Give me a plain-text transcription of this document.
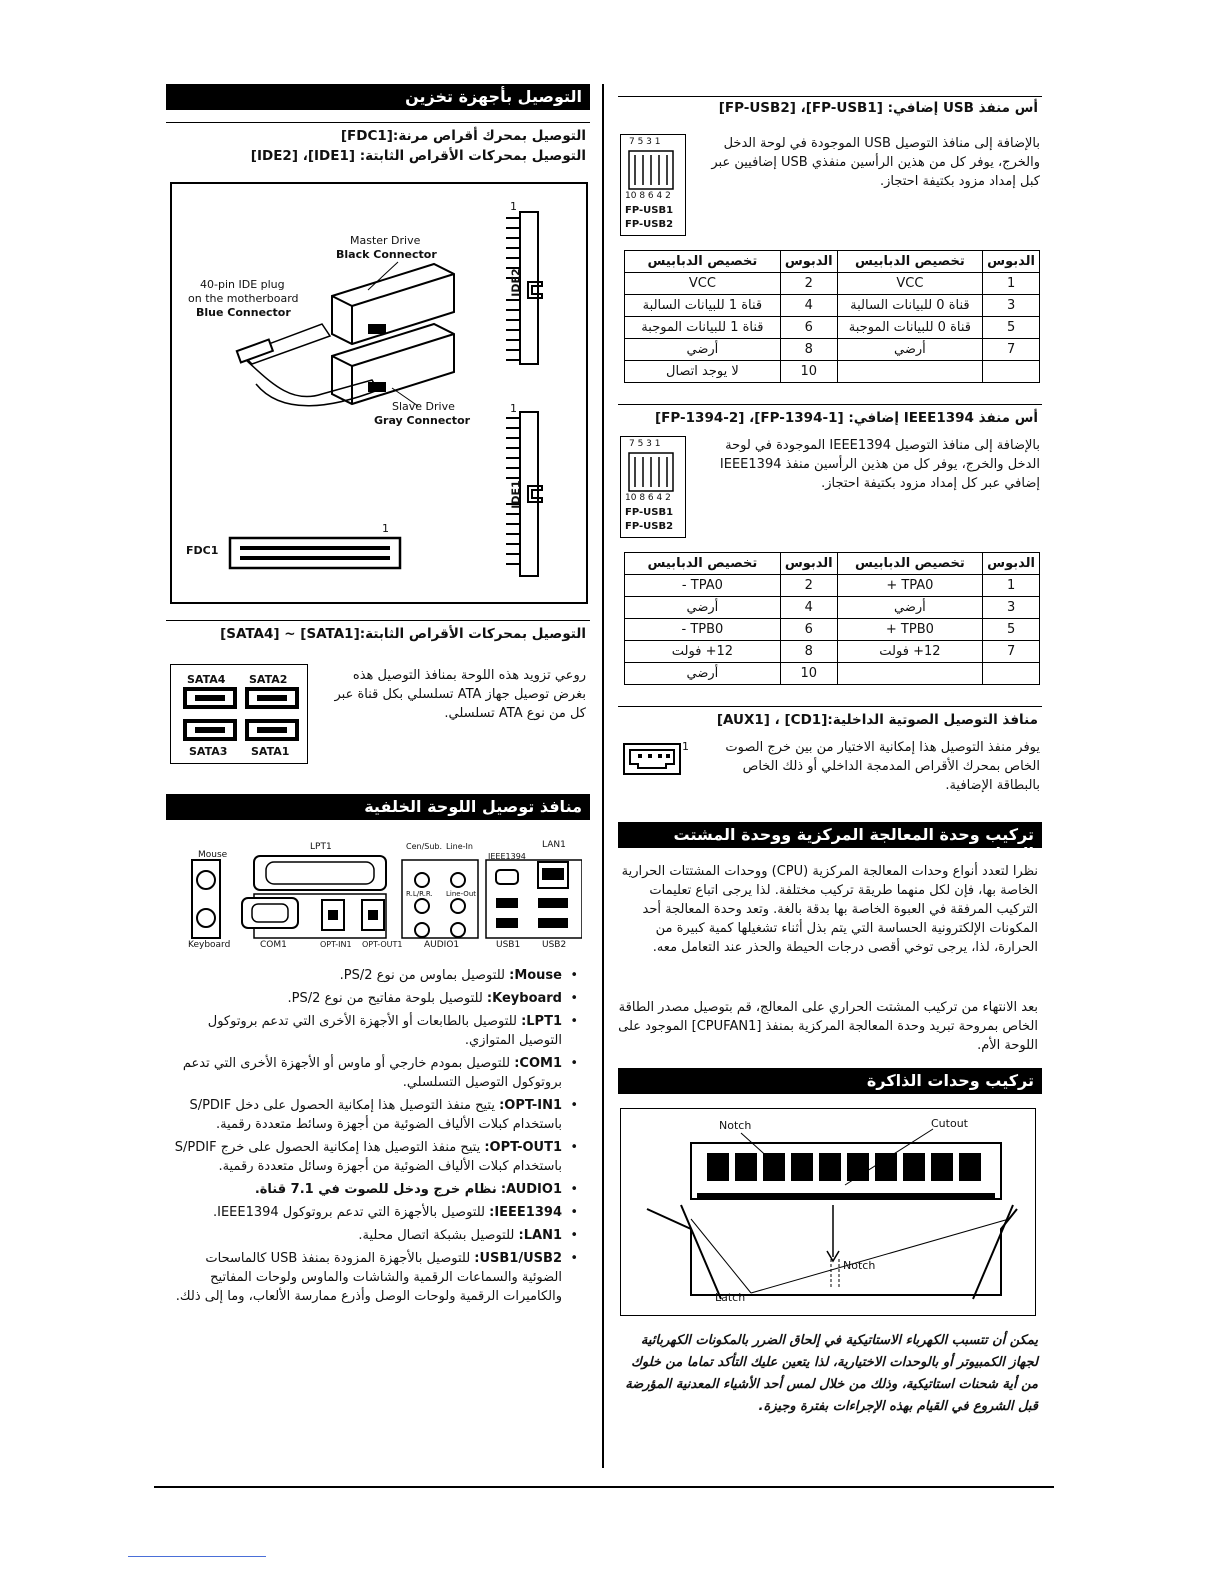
التوصيل بأجهزة تخزين
التوصيل بمحرك أقراص مرنة:[FDC1]
التوصيل بمحركات الأقراص الثابتة: [IDE1]، [IDE2]
Master Drive
Black Connector
40-pin IDE plug
on the motherboard
Blue Connector
Slave Drive
Gray Connector
IDE2
IDE1
FDC1
1
1
1
التوصيل بمحركات الأقراص الثابتة:[SATA1] ~ [SATA4]
SATA4 SATA2
SATA3 SATA1
روعي تزويد هذه اللوحة بمنافذ التوصيل هذه بغرض توصيل جهاز ATA تسلسلي بكل قناة عبر كل من نوع ATA تسلسلي.
منافذ توصيل اللوحة الخلفية
Mouse
LPT1	Cen/Sub. Line-In
IEEE1394
LAN1
Keyboard	COM1	OPT-IN1 OPT-OUT1 AUDIO1	USB1 USB2
R.L/R.R. Line-Out
• Mouse: للتوصيل بماوس من نوع PS/2.
• Keyboard: للتوصيل بلوحة مفاتيح من نوع PS/2.
• LPT1: للتوصيل بالطابعات أو الأجهزة الأخرى التي تدعم بروتوكول التوصيل المتوازي.
• COM1: للتوصيل بمودم خارجي أو ماوس أو الأجهزة الأخرى التي تدعم بروتوكول التوصيل التسلسلي.
• OPT-IN1: يتيح منفذ التوصيل هذا إمكانية الحصول على دخل S/PDIF باستخدام كبلات الألياف الضوئية من أجهزة وسائط متعددة رقمية.
• OPT-OUT1: يتيح منفذ التوصيل هذا إمكانية الحصول على خرج S/PDIF باستخدام كبلات الألياف الضوئية من أجهزة وسائل متعددة رقمية.
• AUDIO1: نظام خرج ودخل للصوت في 7.1 قناة.
• IEEE1394: للتوصيل بالأجهزة التي تدعم بروتوكول IEEE1394.
• LAN1: للتوصيل بشبكة اتصال محلية.
• USB1/USB2: للتوصيل بالأجهزة المزودة بمنفذ USB كالماسحات الضوئية والسماعات الرقمية والشاشات والماوس ولوحات المفاتيح والكاميرات الرقمية ولوحات الوصل وأذرع ممارسة الألعاب، وما إلى ذلك.
أس منفذ USB إضافي: [FP-USB1]، [FP-USB2]
7 5 3 1
10 8 6 4 2
FP-USB1
FP-USB2
بالإضافة إلى منافذ التوصيل USB الموجودة في لوحة الدخل والخرج، يوفر كل من هذين الرأسين منفذي USB إضافيين عبر كبل إمداد مزود بكتيفة احتجاز.
تخصيص الدبابيس	الدبوس	تخصيص الدبابيس	الدبوس
VCC	2	VCC	1
قناة 1 للبيانات السالبة	4	قناة 0 للبيانات السالبة	3
قناة 1 للبيانات الموجبة	6	قناة 0 للبيانات الموجبة	5
أرضي	8	أرضي	7
لا يوجد اتصال	10		
أس منفذ IEEE1394 إضافي: [FP-1394-1]، [FP-1394-2]
7 5 3 1
10 8 6 4 2
FP-USB1
FP-USB2
بالإضافة إلى منافذ التوصيل IEEE1394 الموجودة في لوحة الدخل والخرج، يوفر كل من هذين الرأسين منفذ IEEE1394 إضافي عبر كل إمداد مزود بكتيفة احتجاز.
تخصيص الدبابيس	الدبوس	تخصيص الدبابيس	الدبوس
TPA0 -	2	TPA0 +	1
أرضي	4	أرضي	3
TPB0 -	6	TPB0 +	5
12+ فولت	8	12+ فولت	7
أرضي	10		
منافذ التوصيل الصوتية الداخلية:[CD1] ، [AUX1]
1	يوفر منفذ التوصيل هذا إمكانية الاختيار من بين خرج الصوت الخاص بمحرك الأقراص المدمجة الداخلي أو ذلك الخاص بالبطاقة الإضافية.
تركيب وحدة المعالجة المركزية ووحدة المشتت الحراري
نظرا لتعدد أنواع وحدات المعالجة المركزية (CPU) ووحدات المشتتات الحرارية الخاصة بها، فإن لكل منهما طريقة تركيب مختلفة. لذا يرجى اتباع تعليمات التركيب المرفقة في العبوة الخاصة بها بدقة بالغة. وتعد وحدة المعالجة أحد المكونات الإلكترونية الحساسة التي يتم بذل أثناء تشغيلها كمية كبيرة من الحرارة، لذا، يرجى توخي أقصى درجات الحيطة والحذر عند التعامل معه.
بعد الانتهاء من تركيب المشتت الحراري على المعالج، قم بتوصيل مصدر الطاقة الخاص بمروحة تبريد وحدة المعالجة المركزية بمنفذ [CPUFAN1] الموجود على اللوحة الأم.
تركيب وحدات الذاكرة
Notch	Cutout
Notch
Latch
يمكن أن تتسبب الكهرباء الاستاتيكية في إلحاق الضرر بالمكونات الكهربائية لجهاز الكمبيوتر أو بالوحدات الاختيارية، لذا يتعين عليك التأكد تماما من خلوك من أية شحنات استاتيكية، وذلك من خلال لمس أحد الأشياء المعدنية المؤرضة قبل الشروع في القيام بهذه الإجراءات بفترة وجيزة.
